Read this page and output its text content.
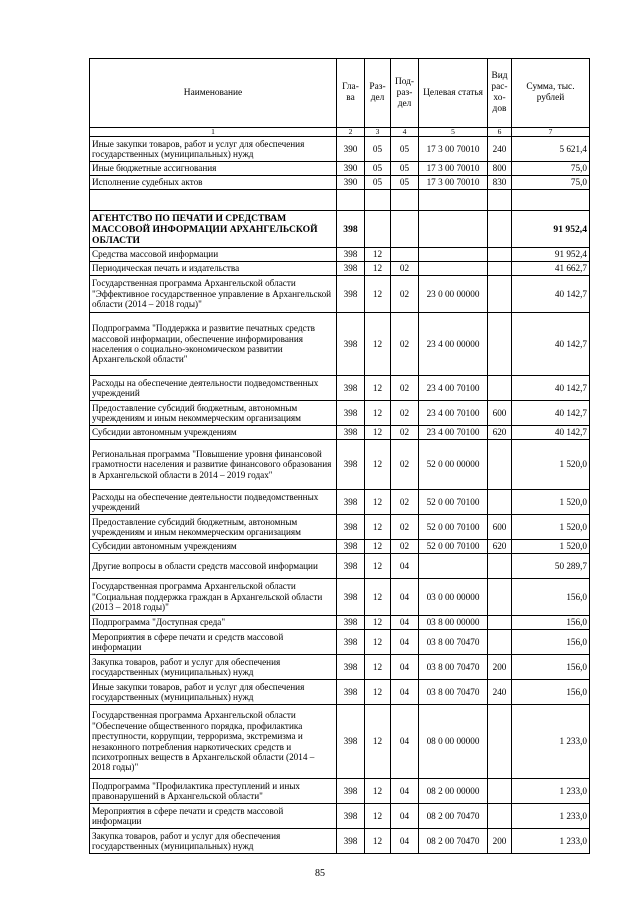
Наименование	Гла-ва	Раз-дел	Под-раз-дел	Целевая статья	Вид рас-хо-дов	Сумма, тыс. рублей
1	2	3	4	5	6	7
Иные закупки товаров, работ и услуг для обеспечения государственных (муниципальных) нужд	390	05	05	17 3 00 70010	240	5 621,4
Иные бюджетные ассигнования	390	05	05	17 3 00 70010	800	75,0
Исполнение судебных актов	390	05	05	17 3 00 70010	830	75,0

АГЕНТСТВО ПО ПЕЧАТИ И СРЕДСТВАМ МАССОВОЙ ИНФОРМАЦИИ АРХАНГЕЛЬСКОЙ ОБЛАСТИ	398					91 952,4
Средства массовой информации	398	12				91 952,4
Периодическая печать и издательства	398	12	02			41 662,7
Государственная программа Архангельской области "Эффективное государственное управление в Архангельской области (2014 – 2018 годы)"	398	12	02	23 0 00 00000		40 142,7
Подпрограмма "Поддержка и развитие печатных средств массовой информации, обеспечение информирования населения о социально-экономическом развитии Архангельской области"	398	12	02	23 4 00 00000		40 142,7
Расходы на обеспечение деятельности подведомственных учреждений	398	12	02	23 4 00 70100		40 142,7
Предоставление субсидий бюджетным, автономным учреждениям и иным некоммерческим организациям	398	12	02	23 4 00 70100	600	40 142,7
Субсидии автономным учреждениям	398	12	02	23 4 00 70100	620	40 142,7
Региональная программа "Повышение уровня финансовой грамотности населения и развитие финансового образования в Архангельской области в 2014 – 2019 годах"	398	12	02	52 0 00 00000		1 520,0
Расходы на обеспечение деятельности подведомственных учреждений	398	12	02	52 0 00 70100		1 520,0
Предоставление субсидий бюджетным, автономным учреждениям и иным некоммерческим организациям	398	12	02	52 0 00 70100	600	1 520,0
Субсидии автономным учреждениям	398	12	02	52 0 00 70100	620	1 520,0
Другие вопросы в области средств массовой информации	398	12	04			50 289,7
Государственная программа Архангельской области "Социальная поддержка граждан в Архангельской области (2013 – 2018 годы)"	398	12	04	03 0 00 00000		156,0
Подпрограмма "Доступная среда"	398	12	04	03 8 00 00000		156,0
Мероприятия в сфере печати и средств массовой информации	398	12	04	03 8 00 70470		156,0
Закупка товаров, работ и услуг для обеспечения государственных (муниципальных) нужд	398	12	04	03 8 00 70470	200	156,0
Иные закупки товаров, работ и услуг для обеспечения государственных (муниципальных) нужд	398	12	04	03 8 00 70470	240	156,0
Государственная программа Архангельской области "Обеспечение общественного порядка, профилактика преступности, коррупции, терроризма, экстремизма и незаконного потребления наркотических средств и психотропных веществ в Архангельской области (2014 – 2018 годы)"	398	12	04	08 0 00 00000		1 233,0
Подпрограмма "Профилактика преступлений и иных правонарушений в Архангельской области"	398	12	04	08 2 00 00000		1 233,0
Мероприятия в сфере печати и средств массовой информации	398	12	04	08 2 00 70470		1 233,0
Закупка товаров, работ и услуг для обеспечения государственных (муниципальных) нужд	398	12	04	08 2 00 70470	200	1 233,0
85
